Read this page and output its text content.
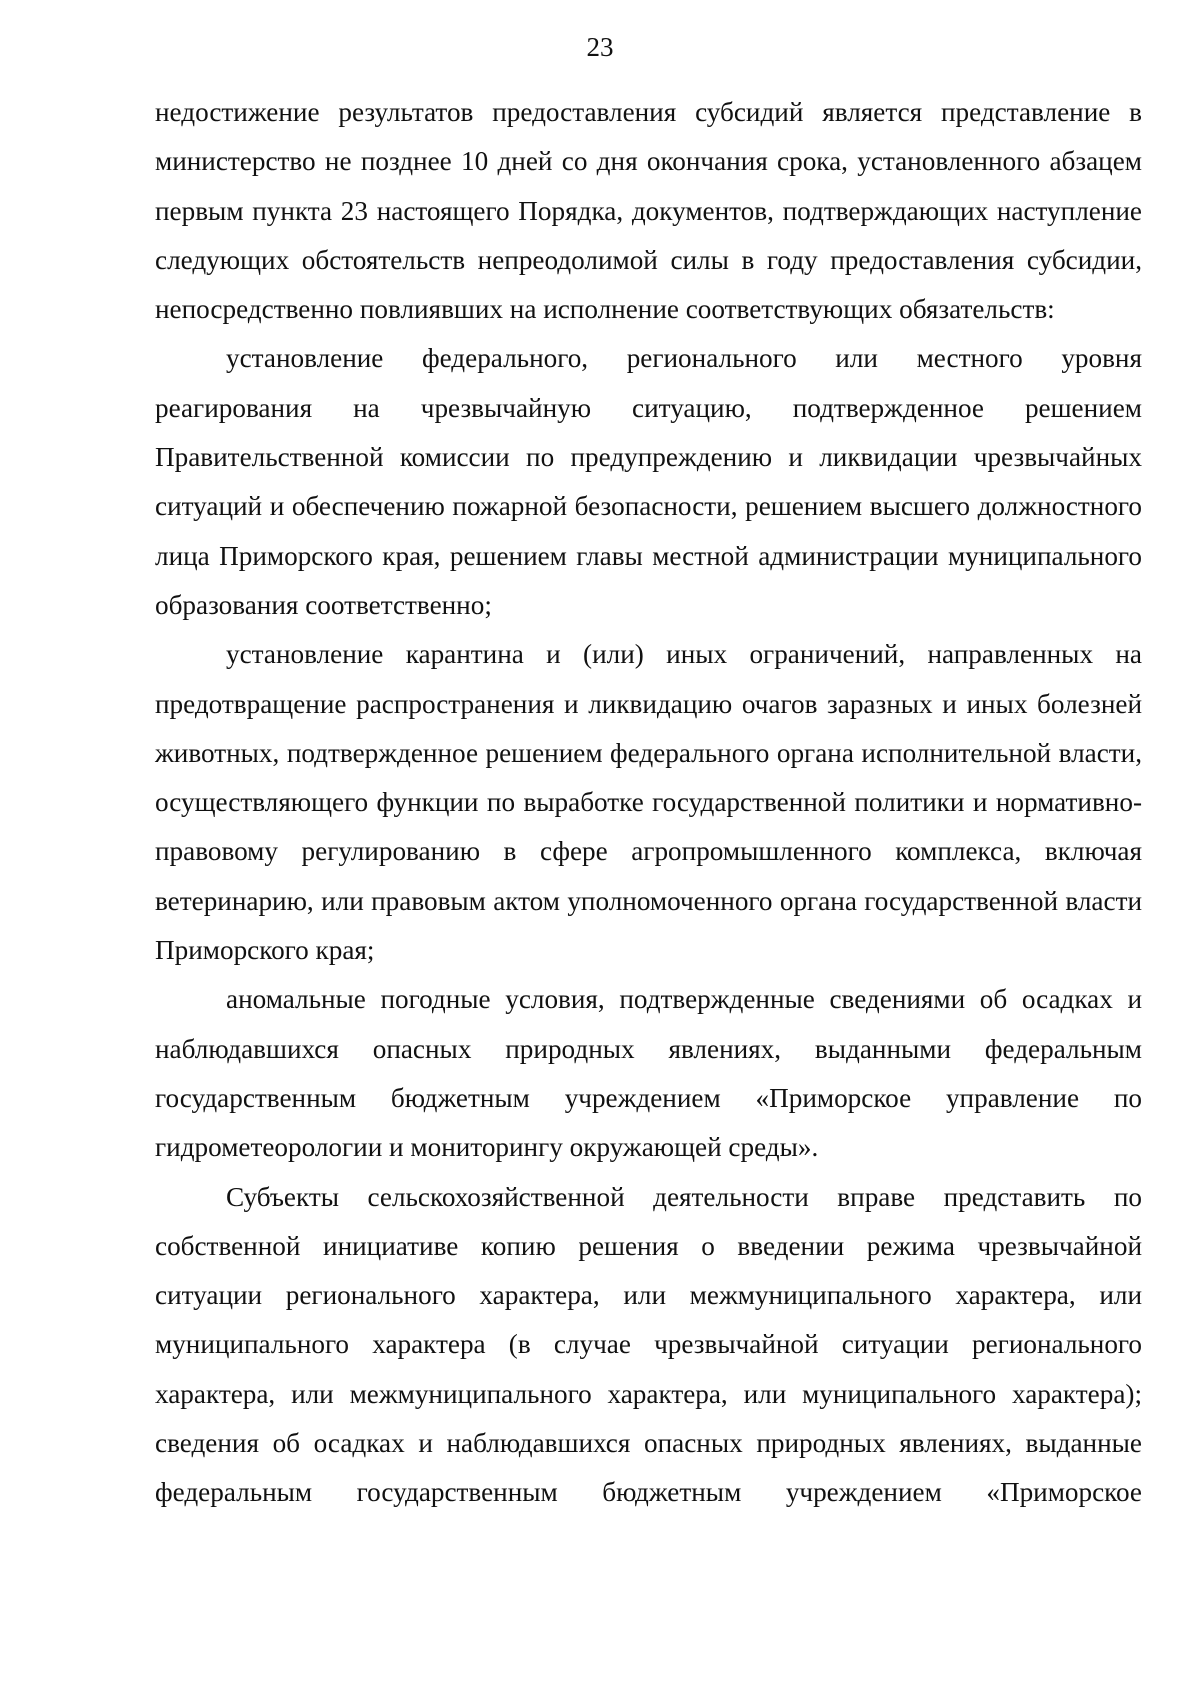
23

недостижение результатов предоставления субсидий является представление в министерство не позднее 10 дней со дня окончания срока, установленного абзацем первым пункта 23 настоящего Порядка, документов, подтверждающих наступление следующих обстоятельств непреодолимой силы в году предоставления субсидии, непосредственно повлиявших на исполнение соответствующих обязательств:

установление федерального, регионального или местного уровня реагирования на чрезвычайную ситуацию, подтвержденное решением Правительственной комиссии по предупреждению и ликвидации чрезвычайных ситуаций и обеспечению пожарной безопасности, решением высшего должностного лица Приморского края, решением главы местной администрации муниципального образования соответственно;

установление карантина и (или) иных ограничений, направленных на предотвращение распространения и ликвидацию очагов заразных и иных болезней животных, подтвержденное решением федерального органа исполнительной власти, осуществляющего функции по выработке государственной политики и нормативно-правовому регулированию в сфере агропромышленного комплекса, включая ветеринарию, или правовым актом уполномоченного органа государственной власти Приморского края;

аномальные погодные условия, подтвержденные сведениями об осадках и наблюдавшихся опасных природных явлениях, выданными федеральным государственным бюджетным учреждением «Приморское управление по гидрометеорологии и мониторингу окружающей среды».

Субъекты сельскохозяйственной деятельности вправе представить по собственной инициативе копию решения о введении режима чрезвычайной ситуации регионального характера, или межмуниципального характера, или муниципального характера (в случае чрезвычайной ситуации регионального характера, или межмуниципального характера, или муниципального характера); сведения об осадках и наблюдавшихся опасных природных явлениях, выданные федеральным государственным бюджетным учреждением «Приморское
